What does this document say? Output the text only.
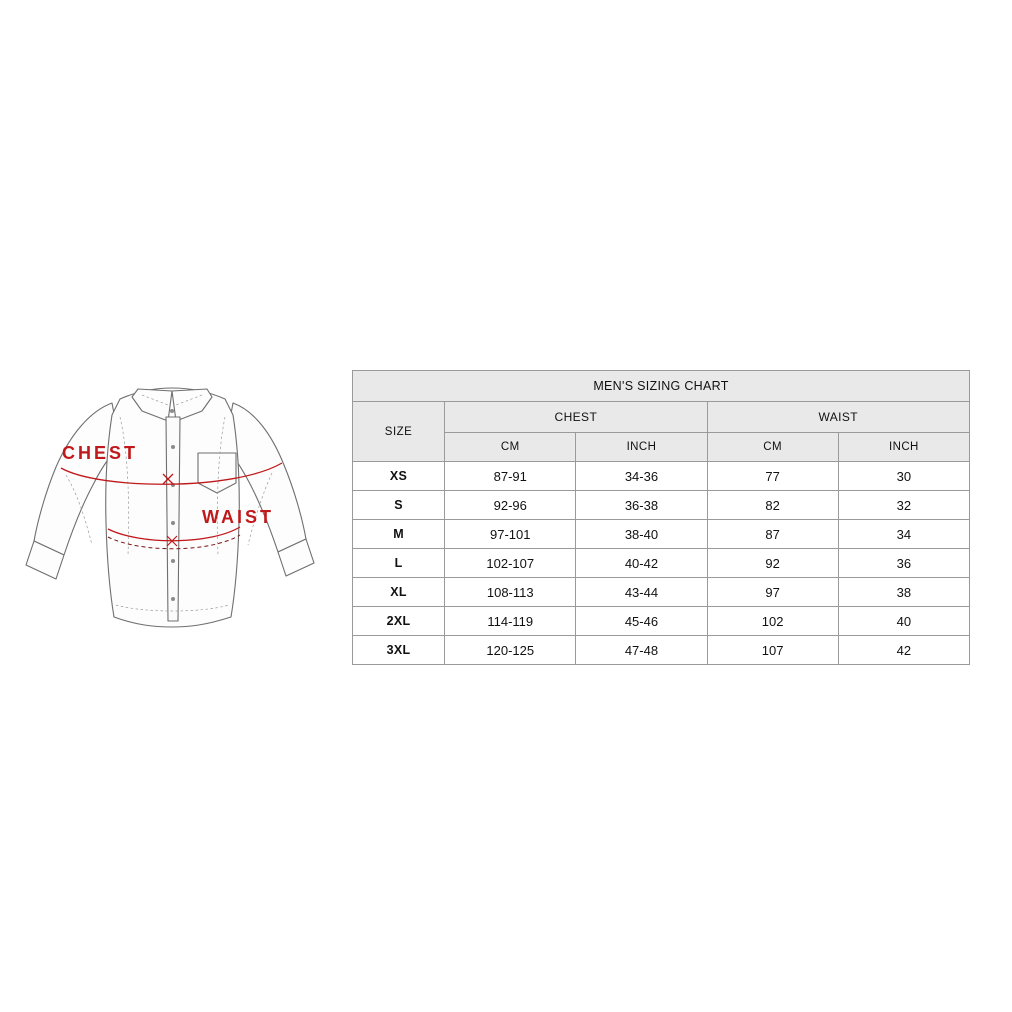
CHEST
WAIST
MEN'S SIZING CHART				
SIZE	CHEST		WAIST	
	CM	INCH	CM	INCH
XS	87-91	34-36	77	30
S	92-96	36-38	82	32
M	97-101	38-40	87	34
L	102-107	40-42	92	36
XL	108-113	43-44	97	38
2XL	114-119	45-46	102	40
3XL	120-125	47-48	107	42
